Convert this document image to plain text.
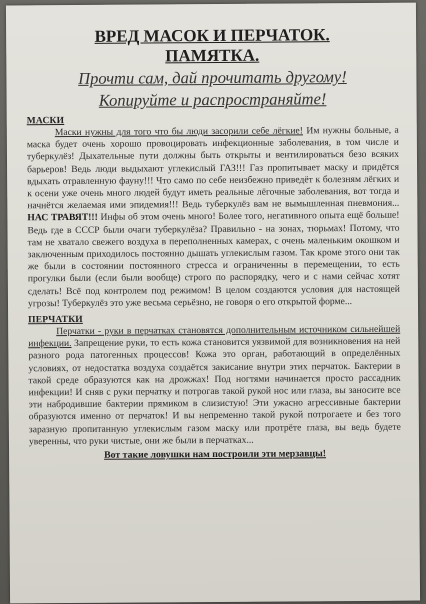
ВРЕД МАСОК И ПЕРЧАТОК.

ПАМЯТКА.

Прочти сам, дай прочитать другому!

Копируйте и распространяйте!

МАСКИ

Маски нужны для того что бы люди засорили себе лёгкие! Им нужны больные, а маска будет очень хорошо провоцировать инфекционные заболевания, в том числе и туберкулёз! Дыхательные пути должны быть открыты и вентилироваться безо всяких барьеров! Ведь люди выдыхают углекислый ГАЗ!!! Газ пропитывает маску и придётся вдыхать отравленную фауну!!! Что само по себе неизбежно приведёт к болезням лёгких и к осени уже очень много людей будут иметь реальные лёгочные заболевания, вот тогда и начнётся желаемая ими эпидемия!!! Ведь туберкулёз вам не вымышленная пневмония... НАС ТРАВЯТ!!! Инфы об этом очень много! Более того, негативного опыта ещё больше! Ведь где в СССР были очаги туберкулёза? Правильно - на зонах, тюрьмах! Потому, что там не хватало свежего воздуха в переполненных камерах, с очень маленьким окошком и заключенным приходилось постоянно дышать углекислым газом. Так кроме этого они так же были в состоянии постоянного стресса и ограниченны в перемещении, то есть прогулки были (если были вообще) строго по распорядку, чего и с нами сейчас хотят сделать! Всё под контролем под режимом! В целом создаются условия для настоящей угрозы! Туберкулёз это уже весьма серьёзно, не говоря о его открытой форме...

ПЕРЧАТКИ

Перчатки - руки в перчатках становятся дополнительным источником сильнейшей инфекции. Запрещение руки, то есть кожа становится уязвимой для возникновения на ней разного рода патогенных процессов! Кожа это орган, работающий в определённых условиях, от недостатка воздуха создаётся закисание внутри этих перчаток. Бактерии в такой среде образуются как на дрожжах! Под ногтями начинается просто рассадник инфекции! И сняв с руки перчатку и потрогав такой рукой нос или глаза, вы заносите все эти набродившие бактерии прямиком в слизистую! Эти ужасно агрессивные бактерии образуются именно от перчаток! И вы непременно такой рукой потрогаете и без того заразную пропитанную углекислым газом маску или протрёте глаза, вы ведь будете уверенны, что руки чистые, они же были в перчатках...

Вот такие ловушки нам построили эти мерзавцы!
